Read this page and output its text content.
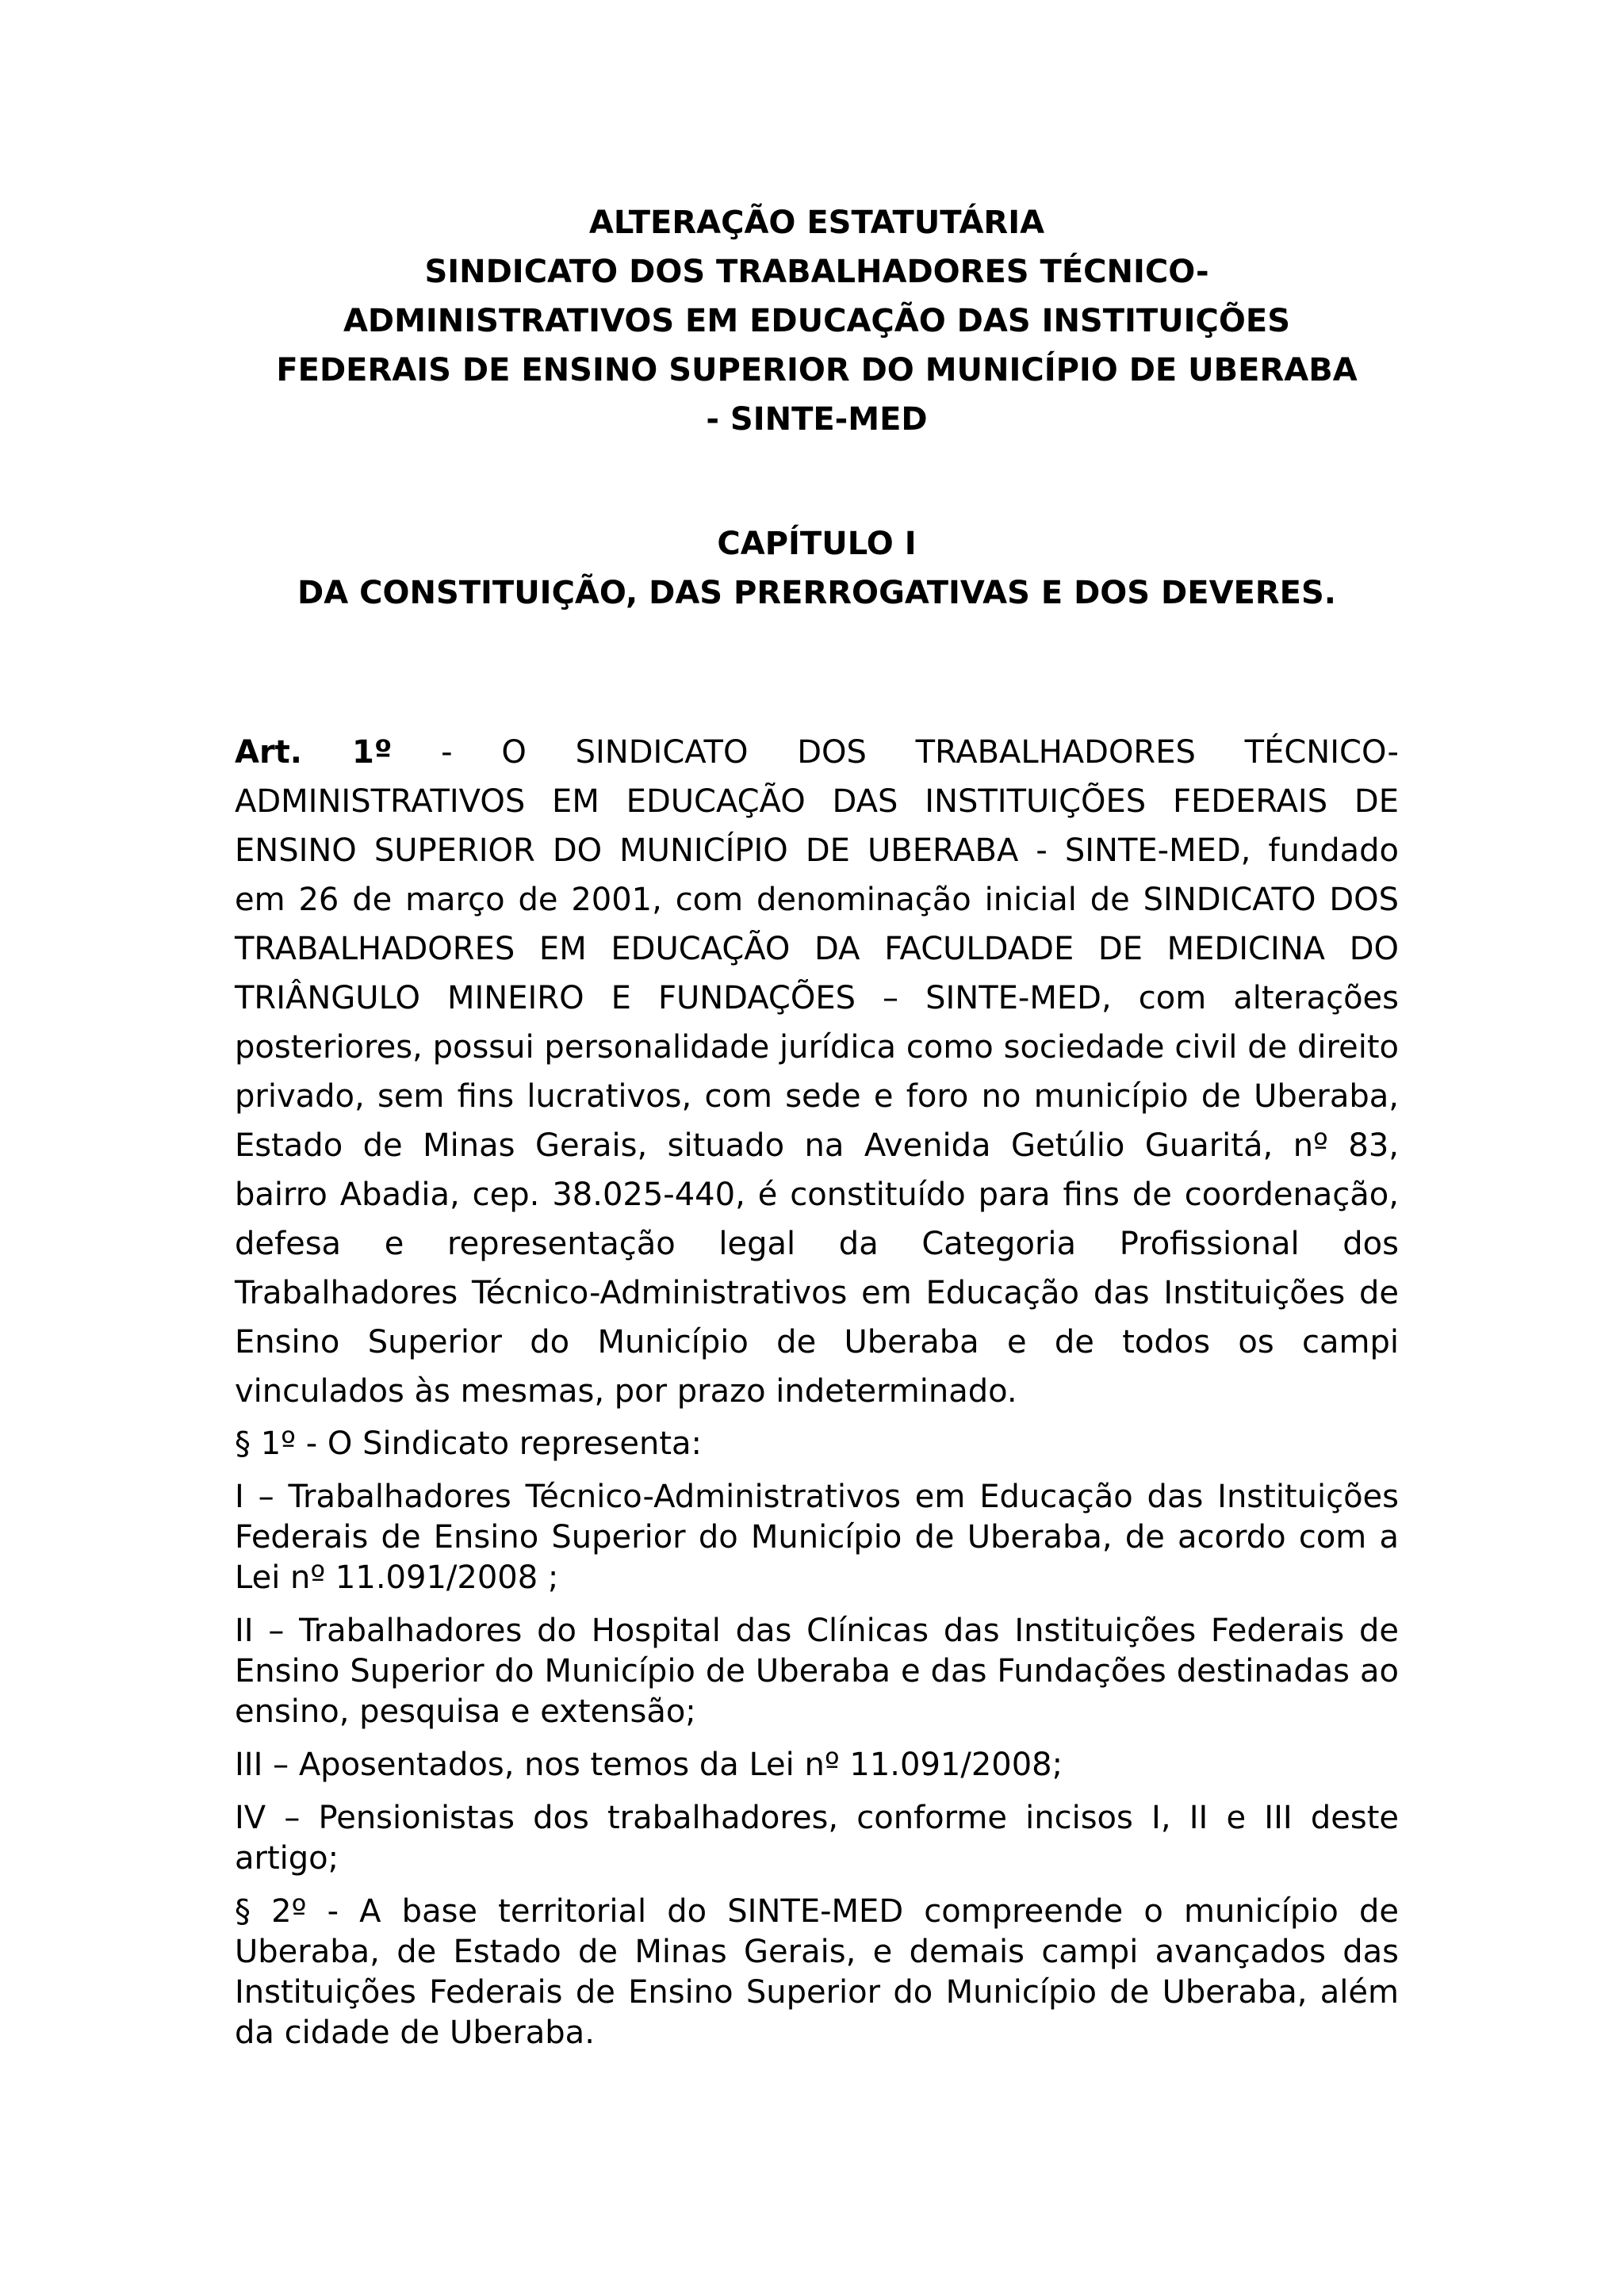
ALTERAÇÃO ESTATUTÁRIA
SINDICATO DOS TRABALHADORES TÉCNICO-
ADMINISTRATIVOS EM EDUCAÇÃO DAS INSTITUIÇÕES
FEDERAIS DE ENSINO SUPERIOR DO MUNICÍPIO DE UBERABA
- SINTE-MED
CAPÍTULO I
DA CONSTITUIÇÃO, DAS PRERROGATIVAS E DOS DEVERES.

Art. 1º - O SINDICATO DOS TRABALHADORES TÉCNICO-ADMINISTRATIVOS EM EDUCAÇÃO DAS INSTITUIÇÕES FEDERAIS DE ENSINO SUPERIOR DO MUNICÍPIO DE UBERABA - SINTE-MED, fundado em 26 de março de 2001, com denominação inicial de SINDICATO DOS TRABALHADORES EM EDUCAÇÃO DA FACULDADE DE MEDICINA DO TRIÂNGULO MINEIRO E FUNDAÇÕES – SINTE-MED, com alterações posteriores, possui personalidade jurídica como sociedade civil de direito privado, sem fins lucrativos, com sede e foro no município de Uberaba, Estado de Minas Gerais, situado na Avenida Getúlio Guaritá, nº 83, bairro Abadia, cep. 38.025-440, é constituído para fins de coordenação, defesa e representação legal da Categoria Profissional dos Trabalhadores Técnico-Administrativos em Educação das Instituições de Ensino Superior do Município de Uberaba e de todos os campi vinculados às mesmas, por prazo indeterminado.

§ 1º - O Sindicato representa:

I – Trabalhadores Técnico-Administrativos em Educação das Instituições Federais de Ensino Superior do Município de Uberaba, de acordo com a Lei nº 11.091/2008 ;

II – Trabalhadores do Hospital das Clínicas das Instituições Federais de Ensino Superior do Município de Uberaba e das Fundações destinadas ao ensino, pesquisa e extensão;

III – Aposentados, nos temos da Lei nº 11.091/2008;

IV – Pensionistas dos trabalhadores, conforme incisos I, II e III deste artigo;

§ 2º - A base territorial do SINTE-MED compreende o município de Uberaba, de Estado de Minas Gerais, e demais campi avançados das Instituições Federais de Ensino Superior do Município de Uberaba, além da cidade de Uberaba.
